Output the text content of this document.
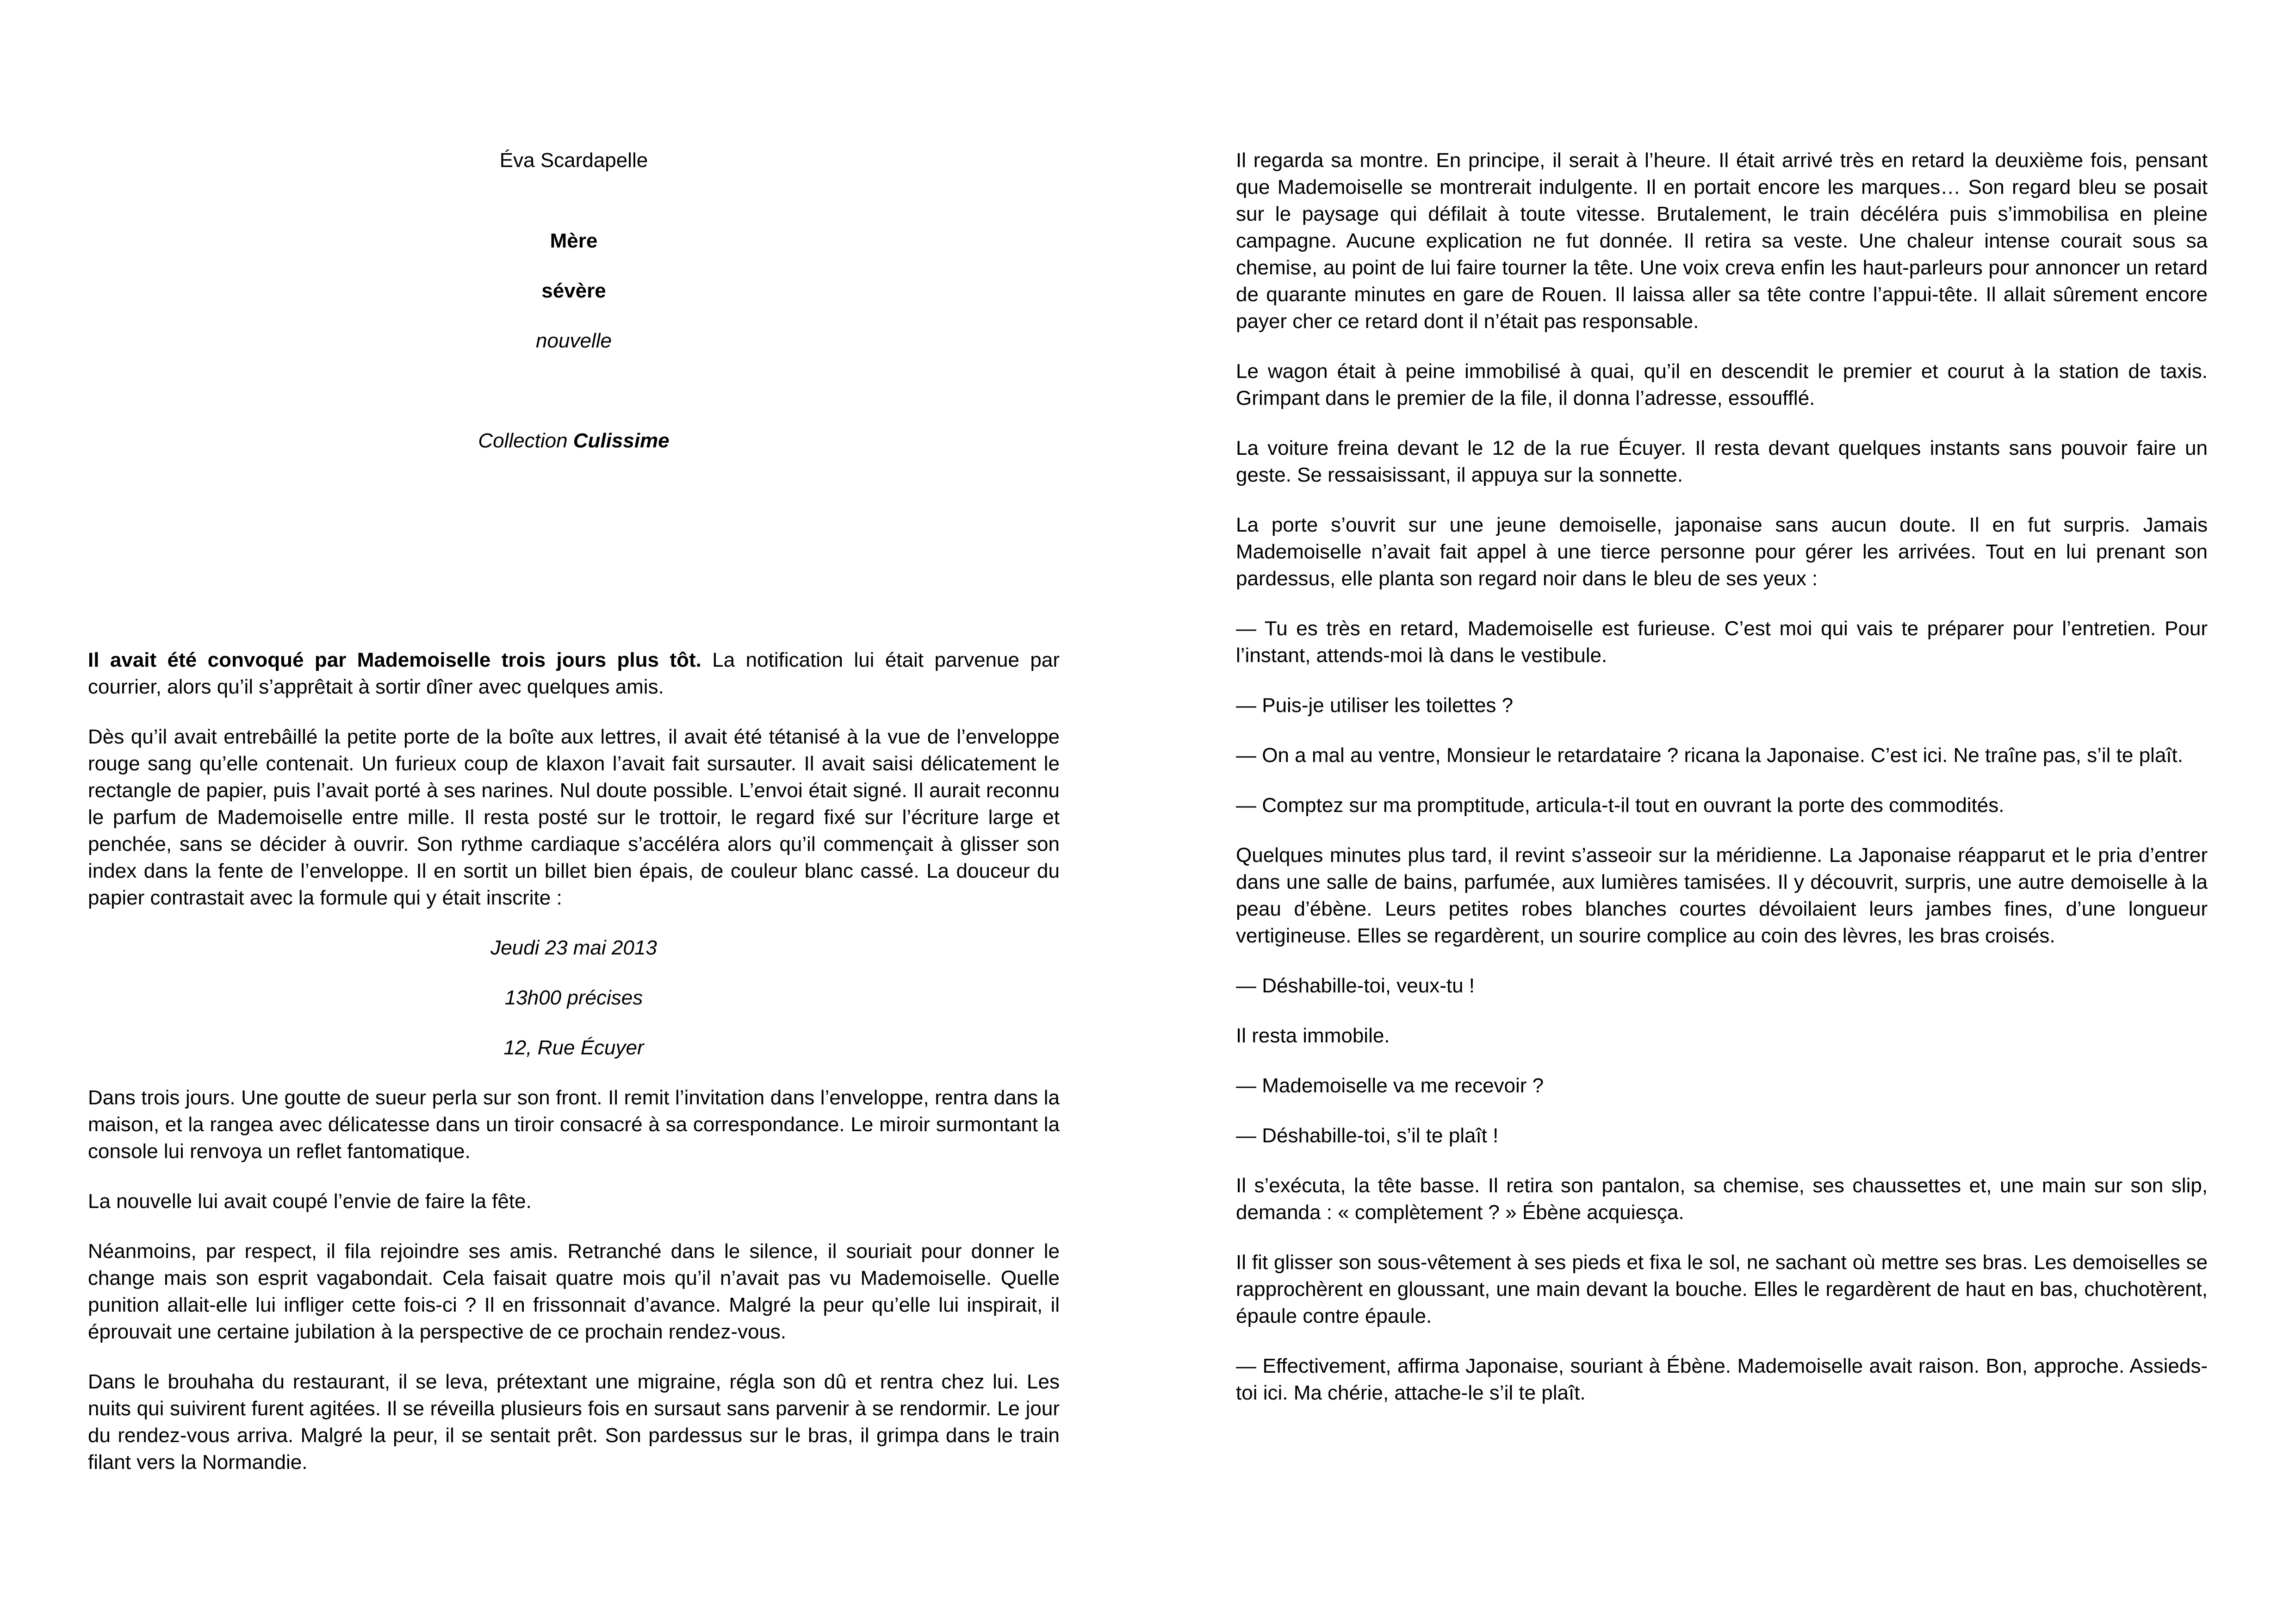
Éva Scardapelle

Mère

sévère

nouvelle

Collection Culissime

Il avait été convoqué par Mademoiselle trois jours plus tôt. La notification lui était parvenue par courrier, alors qu’il s’apprêtait à sortir dîner avec quelques amis.

Dès qu’il avait entrebâillé la petite porte de la boîte aux lettres, il avait été tétanisé à la vue de l’enveloppe rouge sang qu’elle contenait. Un furieux coup de klaxon l’avait fait sursauter. Il avait saisi délicatement le rectangle de papier, puis l’avait porté à ses narines. Nul doute possible. L’envoi était signé. Il aurait reconnu le parfum de Mademoiselle entre mille. Il resta posté sur le trottoir, le regard fixé sur l’écriture large et penchée, sans se décider à ouvrir. Son rythme cardiaque s’accéléra alors qu’il commençait à glisser son index dans la fente de l’enveloppe. Il en sortit un billet bien épais, de couleur blanc cassé. La douceur du papier contrastait avec la formule qui y était inscrite :

Jeudi 23 mai 2013

13h00 précises

12, Rue Écuyer

Dans trois jours. Une goutte de sueur perla sur son front. Il remit l’invitation dans l’enveloppe, rentra dans la maison, et la rangea avec délicatesse dans un tiroir consacré à sa correspondance. Le miroir surmontant la console lui renvoya un reflet fantomatique.

La nouvelle lui avait coupé l’envie de faire la fête.

Néanmoins, par respect, il fila rejoindre ses amis. Retranché dans le silence, il souriait pour donner le change mais son esprit vagabondait. Cela faisait quatre mois qu’il n’avait pas vu Mademoiselle. Quelle punition allait-elle lui infliger cette fois-ci ? Il en frissonnait d’avance. Malgré la peur qu’elle lui inspirait, il éprouvait une certaine jubilation à la perspective de ce prochain rendez-vous.

Dans le brouhaha du restaurant, il se leva, prétextant une migraine, régla son dû et rentra chez lui. Les nuits qui suivirent furent agitées. Il se réveilla plusieurs fois en sursaut sans parvenir à se rendormir. Le jour du rendez-vous arriva. Malgré la peur, il se sentait prêt. Son pardessus sur le bras, il grimpa dans le train filant vers la Normandie.

Il regarda sa montre. En principe, il serait à l’heure. Il était arrivé très en retard la deuxième fois, pensant que Mademoiselle se montrerait indulgente. Il en portait encore les marques… Son regard bleu se posait sur le paysage qui défilait à toute vitesse. Brutalement, le train décéléra puis s’immobilisa en pleine campagne. Aucune explication ne fut donnée. Il retira sa veste. Une chaleur intense courait sous sa chemise, au point de lui faire tourner la tête. Une voix creva enfin les haut-parleurs pour annoncer un retard de quarante minutes en gare de Rouen. Il laissa aller sa tête contre l’appui-tête. Il allait sûrement encore payer cher ce retard dont il n’était pas responsable.

Le wagon était à peine immobilisé à quai, qu’il en descendit le premier et courut à la station de taxis. Grimpant dans le premier de la file, il donna l’adresse, essoufflé.

La voiture freina devant le 12 de la rue Écuyer. Il resta devant quelques instants sans pouvoir faire un geste. Se ressaisissant, il appuya sur la sonnette.

La porte s’ouvrit sur une jeune demoiselle, japonaise sans aucun doute. Il en fut surpris. Jamais Mademoiselle n’avait fait appel à une tierce personne pour gérer les arrivées. Tout en lui prenant son pardessus, elle planta son regard noir dans le bleu de ses yeux :

— Tu es très en retard, Mademoiselle est furieuse. C’est moi qui vais te préparer pour l’entretien. Pour l’instant, attends-moi là dans le vestibule.

— Puis-je utiliser les toilettes ?

— On a mal au ventre, Monsieur le retardataire ? ricana la Japonaise. C’est ici. Ne traîne pas, s’il te plaît.

— Comptez sur ma promptitude, articula-t-il tout en ouvrant la porte des commodités.

Quelques minutes plus tard, il revint s’asseoir sur la méridienne. La Japonaise réapparut et le pria d’entrer dans une salle de bains, parfumée, aux lumières tamisées. Il y découvrit, surpris, une autre demoiselle à la peau d’ébène. Leurs petites robes blanches courtes dévoilaient leurs jambes fines, d’une longueur vertigineuse. Elles se regardèrent, un sourire complice au coin des lèvres, les bras croisés.

— Déshabille-toi, veux-tu !

Il resta immobile.

— Mademoiselle va me recevoir ?

— Déshabille-toi, s’il te plaît !

Il s’exécuta, la tête basse. Il retira son pantalon, sa chemise, ses chaussettes et, une main sur son slip, demanda : « complètement ? » Ébène acquiesça.

Il fit glisser son sous-vêtement à ses pieds et fixa le sol, ne sachant où mettre ses bras. Les demoiselles se rapprochèrent en gloussant, une main devant la bouche. Elles le regardèrent de haut en bas, chuchotèrent, épaule contre épaule.

— Effectivement, affirma Japonaise, souriant à Ébène. Mademoiselle avait raison. Bon, approche. Assieds-toi ici. Ma chérie, attache-le s’il te plaît.
